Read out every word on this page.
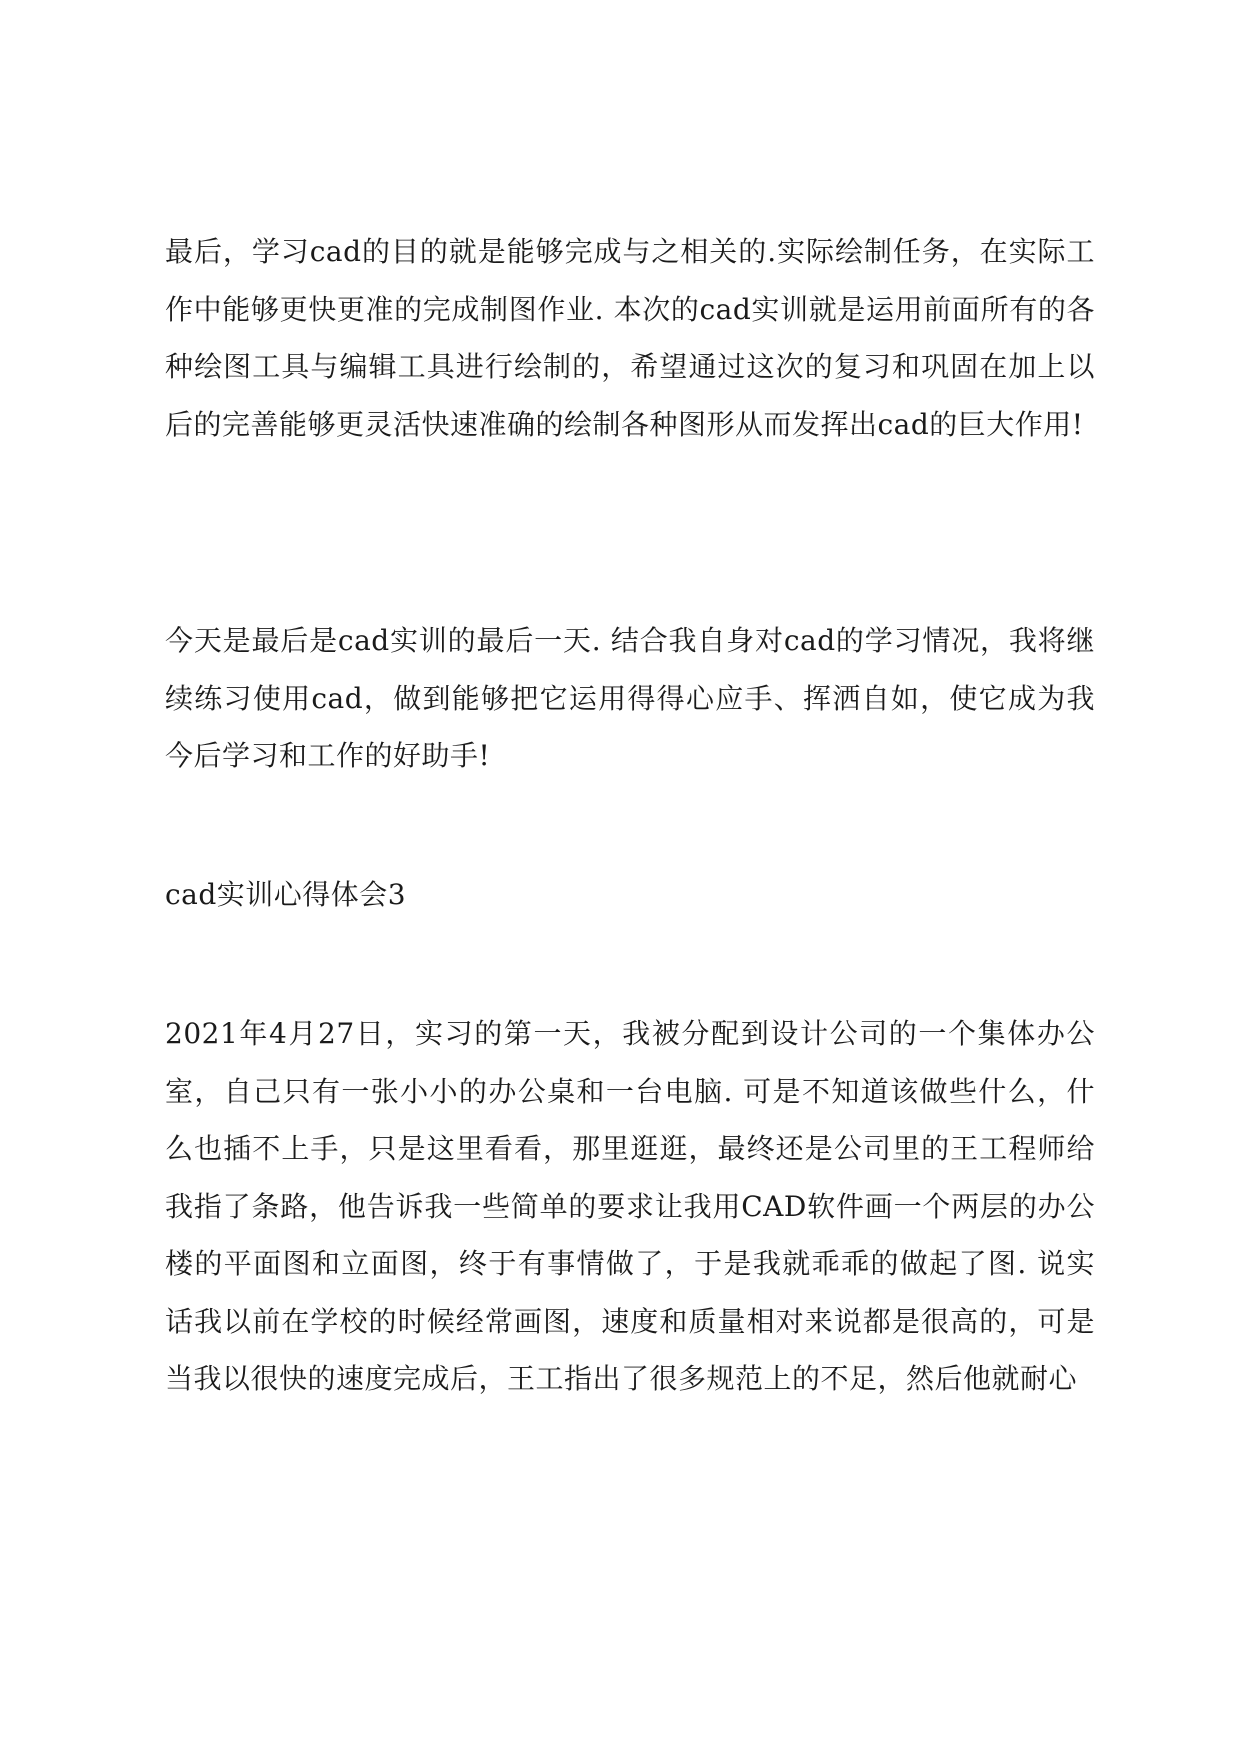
最后，学习cad的目的就是能够完成与之相关的.实际绘制任务，在实际工作中能够更快更准的完成制图作业. 本次的cad实训就是运用前面所有的各种绘图工具与编辑工具进行绘制的，希望通过这次的复习和巩固在加上以后的完善能够更灵活快速准确的绘制各种图形从而发挥出cad的巨大作用!

今天是最后是cad实训的最后一天. 结合我自身对cad的学习情况，我将继续练习使用cad，做到能够把它运用得得心应手、挥洒自如，使它成为我今后学习和工作的好助手!

cad实训心得体会3

2021年4月27日，实习的第一天，我被分配到设计公司的一个集体办公室，自己只有一张小小的办公桌和一台电脑. 可是不知道该做些什么，什么也插不上手，只是这里看看，那里逛逛，最终还是公司里的王工程师给我指了条路，他告诉我一些简单的要求让我用CAD软件画一个两层的办公楼的平面图和立面图，终于有事情做了，于是我就乖乖的做起了图. 说实话我以前在学校的时候经常画图，速度和质量相对来说都是很高的，可是当我以很快的速度完成后，王工指出了很多规范上的不足，然后他就耐心
